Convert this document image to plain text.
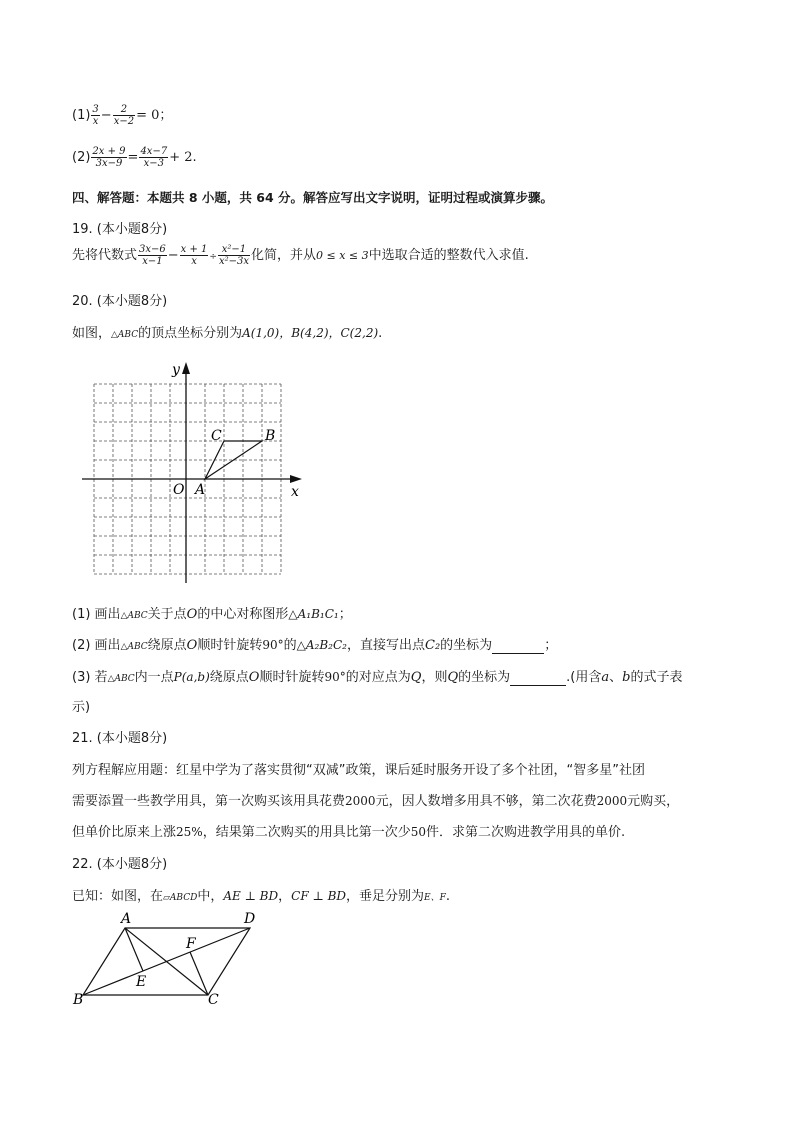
$(1) \frac{3}{x} - \frac{2}{x-2} = 0$；
$(2) \frac{2x + 9}{3x-9} = \frac{4x-7}{x-3} + 2$.
四、解答题：本题共 8 小题，共 64 分。解答应写出文字说明，证明过程或演算步骤。
19. (本小题8分)
先将代数式 $\frac{3x-6}{x-1} - \frac{x + 1}{x} \div \frac{\text{x²−1}}{\text{x²−3x}}$ 化简，并从0 ≤ x ≤ 3中选取合适的整数代入求值.
20. (本小题8分)
如图，△ABC的顶点坐标分别为A(1,0)，B(4,2)，C(2,2).
y
x
O A
B
C
(1) 画出△ABC关于点O的中心对称图形△A₁B₁C₁；
(2) 画出△ABC绕原点O顺时针旋转90°的△A₂B₂C₂，直接写出点C₂的坐标为	；
(3) 若△ABC内一点P(a,b)绕原点O顺时针旋转90°的对应点为Q，则Q的坐标为	.(用含a、b的式子表
示)
21. (本小题8分)
列方程解应用题：红星中学为了落实贯彻“双减”政策，课后延时服务开设了多个社团，“智多星”社团
需要添置一些教学用具，第一次购买该用具花费2000元，因人数增多用具不够，第二次花费2000元购买，
但单价比原来上涨25%，结果第二次购买的用具比第一次少50件．求第二次购进教学用具的单价.
22. (本小题8分)
已知：如图，在▱ABCD中，AE ⊥ BD，CF ⊥ BD，垂足分别为E、F.
A	D
B	C
E
F
